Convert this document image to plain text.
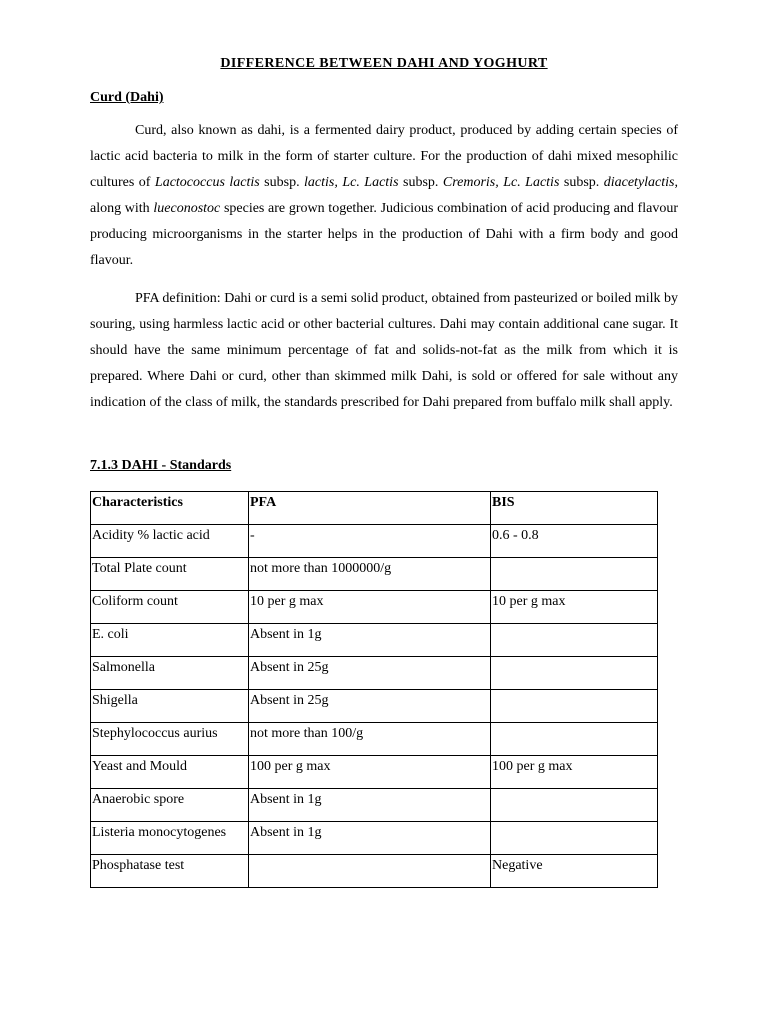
DIFFERENCE BETWEEN DAHI AND YOGHURT
Curd (Dahi)

Curd, also known as dahi, is a fermented dairy product, produced by adding certain species of lactic acid bacteria to milk in the form of starter culture. For the production of dahi mixed mesophilic cultures of Lactococcus lactis subsp. lactis, Lc. Lactis subsp. Cremoris, Lc. Lactis subsp. diacetylactis, along with lueconostoc species are grown together. Judicious combination of acid producing and flavour producing microorganisms in the starter helps in the production of Dahi with a firm body and good flavour.

PFA definition: Dahi or curd is a semi solid product, obtained from pasteurized or boiled milk by souring, using harmless lactic acid or other bacterial cultures. Dahi may contain additional cane sugar. It should have the same minimum percentage of fat and solids-not-fat as the milk from which it is prepared. Where Dahi or curd, other than skimmed milk Dahi, is sold or offered for sale without any indication of the class of milk, the standards prescribed for Dahi prepared from buffalo milk shall apply.

7.1.3 DAHI - Standards
Characteristics	PFA	BIS
Acidity % lactic acid	-	0.6 - 0.8
Total Plate count	not more than 1000000/g	
Coliform count	10 per g max	10 per g max
E. coli	Absent in 1g	
Salmonella	Absent in 25g	
Shigella	Absent in 25g	
Stephylococcus aurius	not more than 100/g	
Yeast and Mould	100 per g max	100 per g max
Anaerobic spore	Absent in 1g	
Listeria monocytogenes	Absent in 1g	
Phosphatase test		Negative
